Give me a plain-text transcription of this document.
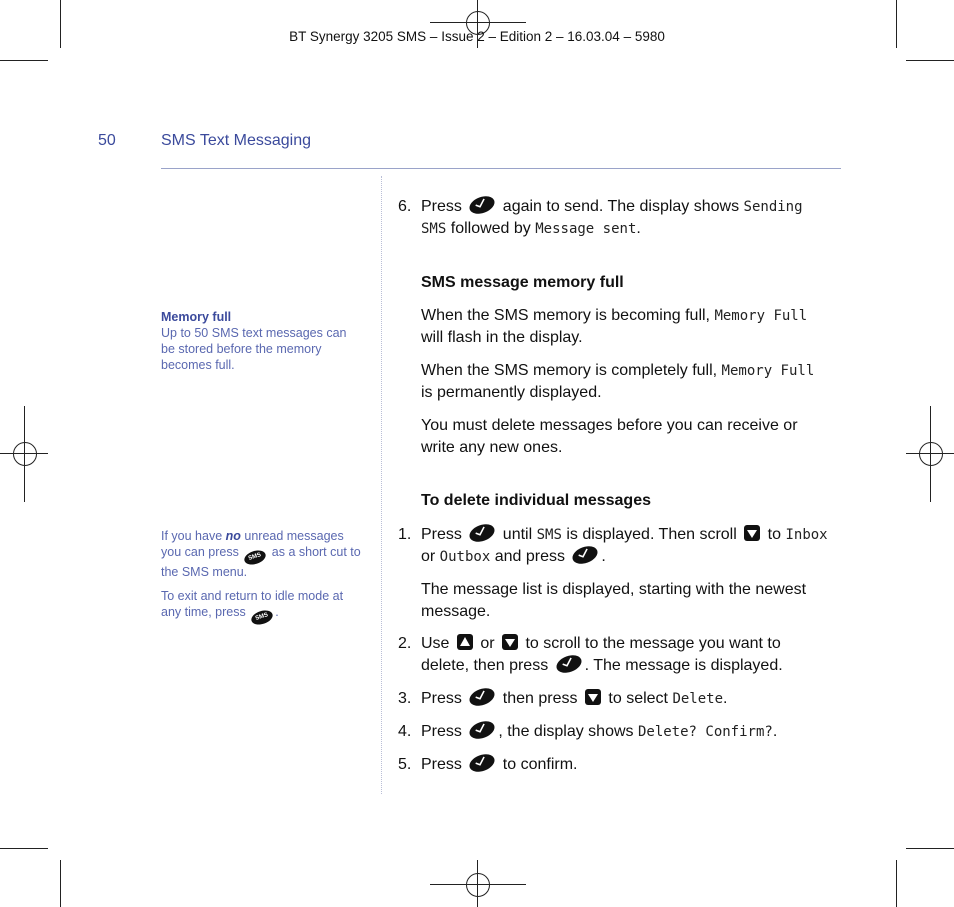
BT Synergy 3205 SMS – Issue 2 – Edition 2 – 16.03.04 – 5980
50	SMS Text Messaging

Memory full

Up to 50 SMS text messages can be stored before the memory becomes full.

If you have no unread messages you can press SMS as a short cut to the SMS menu.

To exit and return to idle mode at any time, press SMS .

6. Press
again to send. The display shows Sending
SMS followed by Message sent.
SMS message memory full
When the SMS memory is becoming full, Memory Full
will flash in the display.
When the SMS memory is completely full, Memory Full
is permanently displayed.
You must delete messages before you can receive or write any new ones.
To delete individual messages
1. Press
until SMS is displayed. Then scroll  to Inbox
or Outbox and press
.
The message list is displayed, starting with the newest message.
2. Use  or  to scroll to the message you want to delete, then press
. The message is displayed.
3. Press
then press  to select Delete.
4. Press
, the display shows Delete? Confirm?.
5. Press
to confirm.
